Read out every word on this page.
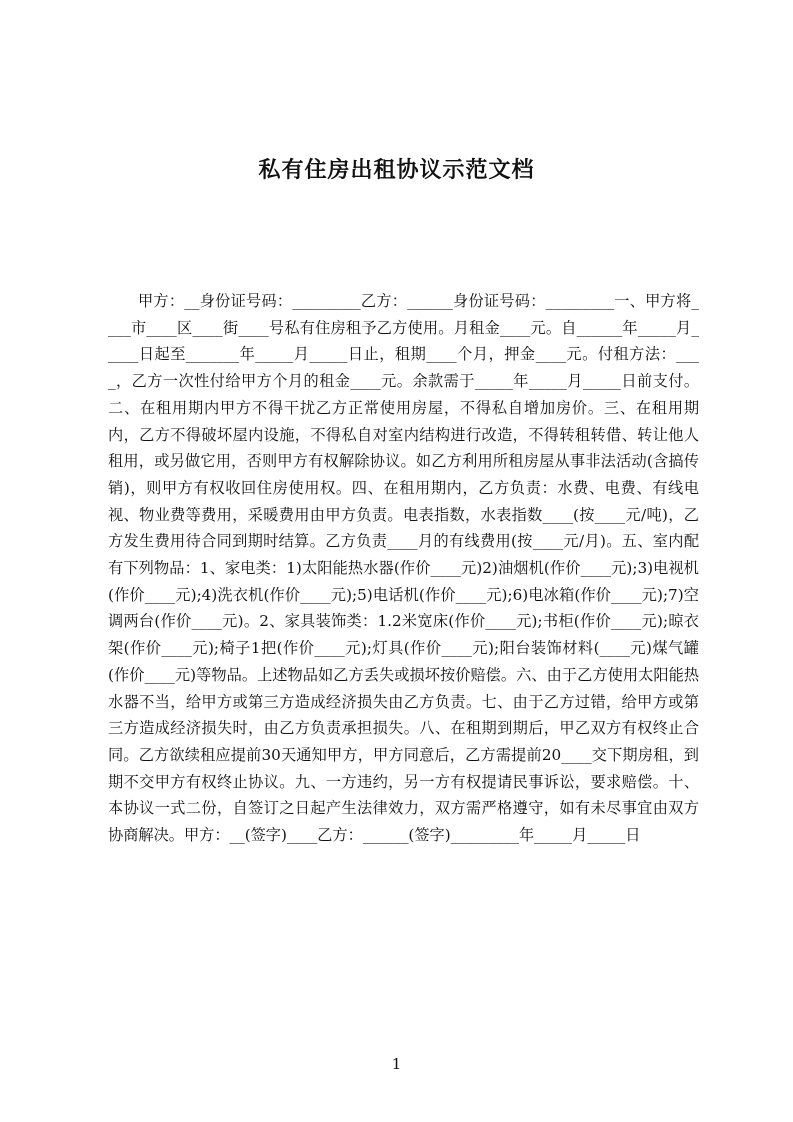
私有住房出租协议示范文档

甲方：__身份证号码：_________乙方：______身份证号码：_________一、甲方将____市____区____街____号私有住房租予乙方使用。月租金____元。自______年_____月_____日起至_______年_____月_____日止，租期____个月，押金____元。付租方法：____，乙方一次性付给甲方个月的租金____元。余款需于_____年_____月_____日前支付。二、在租用期内甲方不得干扰乙方正常使用房屋，不得私自增加房价。三、在租用期内，乙方不得破坏屋内设施，不得私自对室内结构进行改造，不得转租转借、转让他人租用，或另做它用，否则甲方有权解除协议。如乙方利用所租房屋从事非法活动(含搞传销)，则甲方有权收回住房使用权。四、在租用期内，乙方负责：水费、电费、有线电视、物业费等费用，采暖费用由甲方负责。电表指数，水表指数____(按____元/吨)，乙方发生费用待合同到期时结算。乙方负责____月的有线费用(按____元/月)。五、室内配有下列物品：1、家电类：1)太阳能热水器(作价____元)2)油烟机(作价____元);3)电视机(作价____元);4)洗衣机(作价____元);5)电话机(作价____元);6)电冰箱(作价____元);7)空调两台(作价____元)。2、家具装饰类：1.2米宽床(作价____元);书柜(作价____元);晾衣架(作价____元);椅子1把(作价____元);灯具(作价____元);阳台装饰材料(____元)煤气罐(作价____元)等物品。上述物品如乙方丢失或损坏按价赔偿。六、由于乙方使用太阳能热水器不当，给甲方或第三方造成经济损失由乙方负责。七、由于乙方过错，给甲方或第三方造成经济损失时，由乙方负责承担损失。八、在租期到期后，甲乙双方有权终止合同。乙方欲续租应提前30天通知甲方，甲方同意后，乙方需提前20____交下期房租，到期不交甲方有权终止协议。九、一方违约，另一方有权提请民事诉讼，要求赔偿。十、本协议一式二份，自签订之日起产生法律效力，双方需严格遵守，如有未尽事宜由双方协商解决。甲方：__(签字)____乙方：______(签字)_________年_____月_____日

1
